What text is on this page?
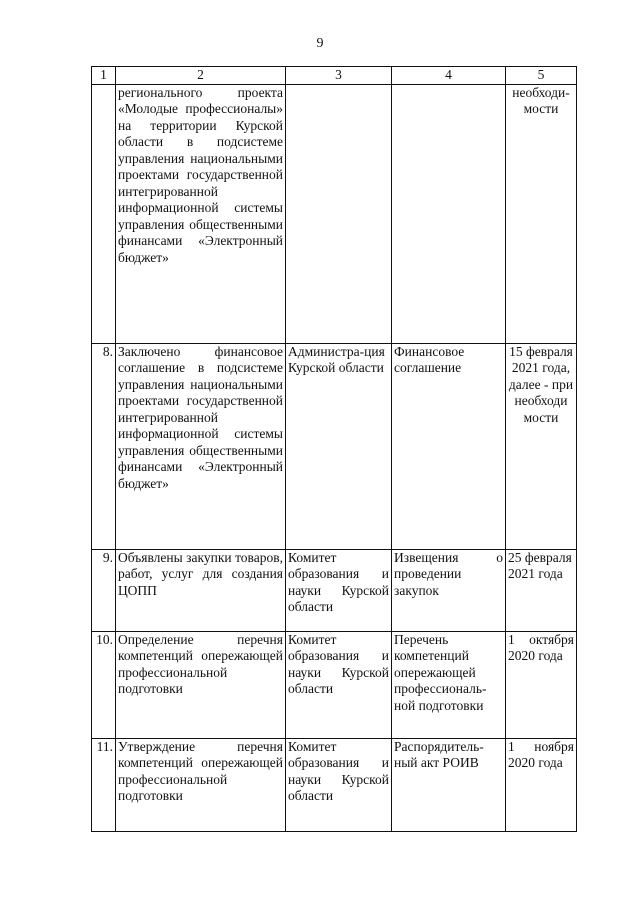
9
1	2	3	4	5
	регионального проекта «Молодые профессионалы» на территории Курской области в подсистеме управления национальными проектами государственной интегрированной информационной системы управления общественными финансами «Электронный бюджет»			необходи-мости
8.	Заключено финансовое соглашение в подсистеме управления национальными проектами государственной интегрированной информационной системы управления общественными финансами «Электронный бюджет»	Администра-ция Курской области	Финансовое соглашение	15 февраля 2021 года, далее - при необходи мости
9.	Объявлены закупки товаров, работ, услуг для создания ЦОПП	Комитет образования и науки Курской области	Извещения о проведении закупок	25 февраля 2021 года
10.	Определение перечня компетенций опережающей профессиональной подготовки	Комитет образования и науки Курской области	Перечень компетенций опережающей профессиональ-ной подготовки	1 октября 2020 года
11.	Утверждение перечня компетенций опережающей профессиональной подготовки	Комитет образования и науки Курской области	Распорядитель-ный акт РОИВ	1 ноября 2020 года
